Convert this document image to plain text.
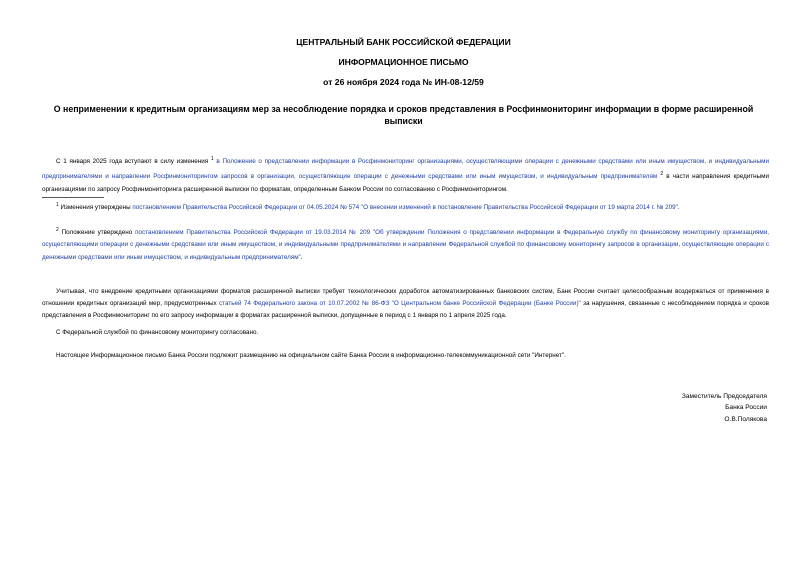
ЦЕНТРАЛЬНЫЙ БАНК РОССИЙСКОЙ ФЕДЕРАЦИИ
ИНФОРМАЦИОННОЕ ПИСЬМО
от 26 ноября 2024 года № ИН-08-12/59
О неприменении к кредитным организациям мер за несоблюдение порядка и сроков представления в Росфинмониторинг информации в форме расширенной выписки
С 1 января 2025 года вступают в силу изменения $^1$ в Положение о представлении информации в Росфинмониторинг организациями, осуществляющими операции с денежными средствами или иным имуществом, и индивидуальными предпринимателями и направлении Росфинмониторингом запросов в организации, осуществляющие операции с денежными средствами или иным имуществом, и индивидуальным предпринимателям $^2$ в части направления кредитными организациями по запросу Росфинмониторинга расширенной выписки по форматам, определенным Банком России по согласованию с Росфинмониторингом.
$^1$ Изменения утверждены постановлением Правительства Российской Федерации от 04.05.2024 № 574 "О внесении изменений в постановление Правительства Российской Федерации от 19 марта 2014 г. № 209".
$^2$ Положение утверждено постановлением Правительства Российской Федерации от 19.03.2014 № 209 "Об утверждении Положения о представлении информации в Федеральную службу по финансовому мониторингу организациями, осуществляющими операции с денежными средствами или иным имуществом, и индивидуальными предпринимателями и направлении Федеральной службой по финансовому мониторингу запросов в организации, осуществляющие операции с денежными средствами или иным имуществом, и индивидуальным предпринимателям".
Учитывая, что внедрение кредитными организациями форматов расширенной выписки требует технологических доработок автоматизированных банковских систем, Банк России считает целесообразным воздержаться от применения в отношении кредитных организаций мер, предусмотренных статьей 74 Федерального закона от 10.07.2002 № 86-ФЗ "О Центральном банке Российской Федерации (Банке России)" за нарушения, связанные с несоблюдением порядка и сроков представления в Росфинмониторинг по его запросу информации в форматах расширенной выписки, допущенные в период с 1 января по 1 апреля 2025 года.
С Федеральной службой по финансовому мониторингу согласовано.
Настоящее Информационное письмо Банка России подлежит размещению на официальном сайте Банка России в информационно-телекоммуникационной сети "Интернет".
Заместитель Председателя
Банка России
О.В.Полякова
